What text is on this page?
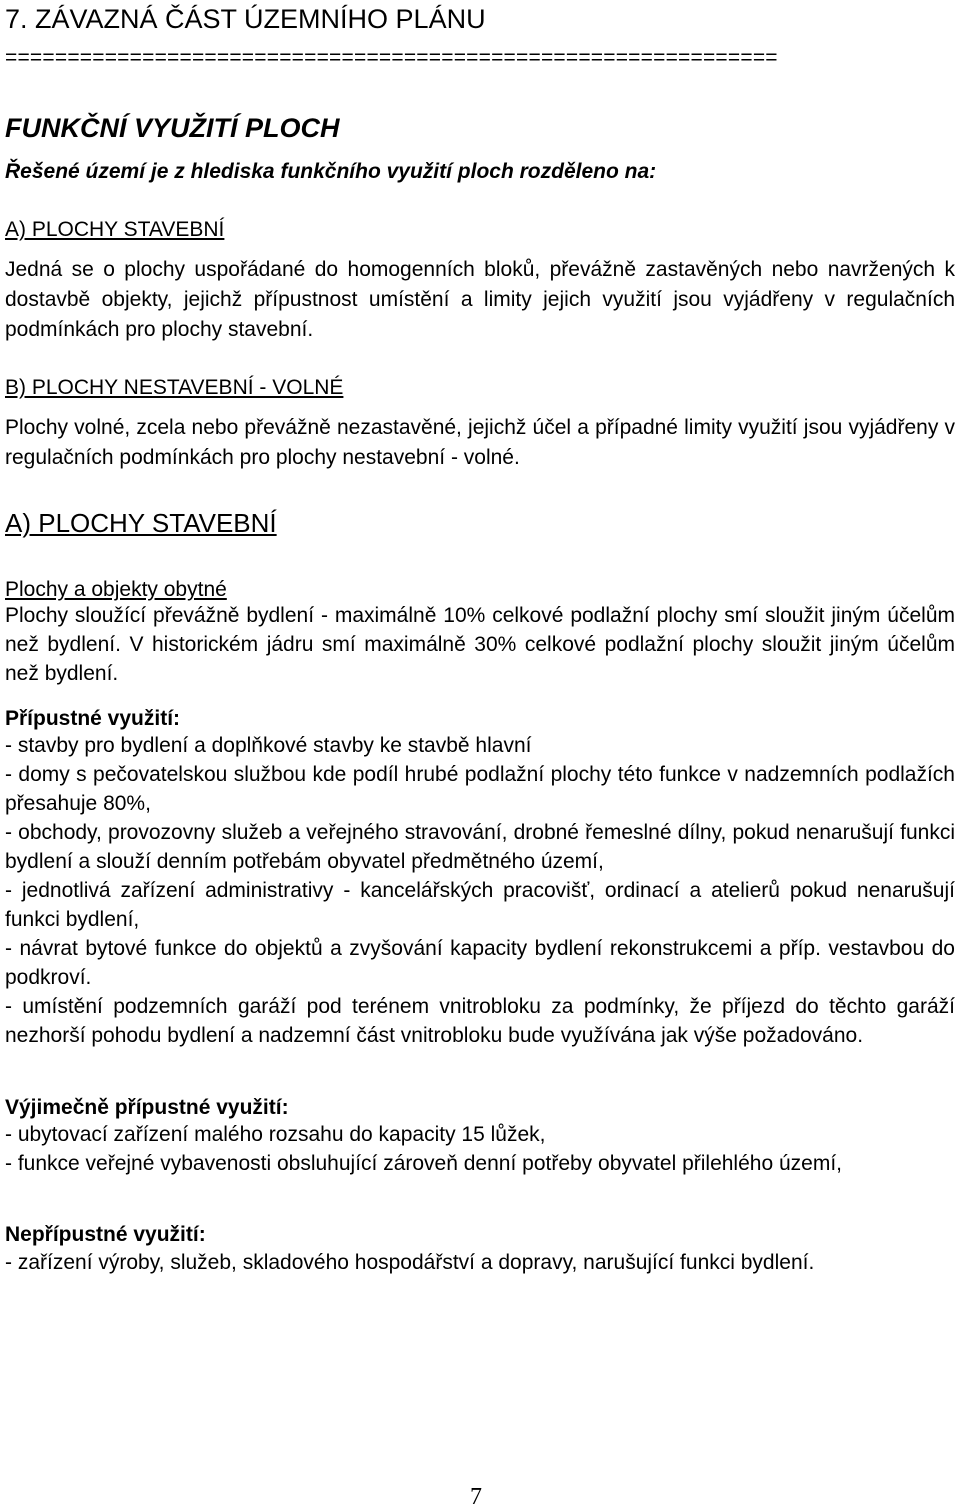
7. ZÁVAZNÁ ČÁST ÚZEMNÍHO PLÁNU
==============================================================
FUNKČNÍ VYUŽITÍ PLOCH
Řešené území je z hlediska funkčního využití ploch rozděleno na:
A) PLOCHY STAVEBNÍ
Jedná se o plochy uspořádané do homogenních bloků, převážně zastavěných nebo navržených k dostavbě objekty, jejichž přípustnost umístění a limity jejich využití jsou vyjádřeny v regulačních podmínkách pro plochy stavební.
B) PLOCHY NESTAVEBNÍ - VOLNÉ
Plochy volné, zcela nebo převážně nezastavěné, jejichž účel a případné limity využití jsou vyjádřeny v regulačních podmínkách pro plochy nestavební - volné.
A) PLOCHY STAVEBNÍ
Plochy a objekty obytné
Plochy sloužící převážně bydlení - maximálně 10% celkové podlažní plochy smí sloužit jiným účelům než bydlení. V historickém jádru smí maximálně 30% celkové podlažní plochy sloužit jiným účelům než bydlení.
Přípustné využití:
- stavby pro bydlení a doplňkové stavby ke stavbě hlavní
- domy s pečovatelskou službou kde podíl hrubé podlažní plochy této funkce v nadzemních podlažích přesahuje 80%,
- obchody, provozovny služeb a veřejného stravování, drobné řemeslné dílny, pokud nenarušují funkci bydlení a slouží denním potřebám obyvatel předmětného území,
- jednotlivá zařízení administrativy - kancelářských pracovišť, ordinací a atelierů pokud nenarušují funkci bydlení,
- návrat bytové funkce do objektů a zvyšování kapacity bydlení rekonstrukcemi a příp. vestavbou do podkroví.
- umístění podzemních garáží pod terénem vnitrobloku za podmínky, že příjezd do těchto garáží nezhorší pohodu bydlení a nadzemní část vnitrobloku bude využívána jak výše požadováno.
Výjimečně přípustné využití:
- ubytovací zařízení malého rozsahu do kapacity 15 lůžek,
- funkce veřejné vybavenosti obsluhující zároveň denní potřeby obyvatel přilehlého území,
Nepřípustné využití:
- zařízení výroby, služeb, skladového hospodářství a dopravy, narušující funkci bydlení.
7
